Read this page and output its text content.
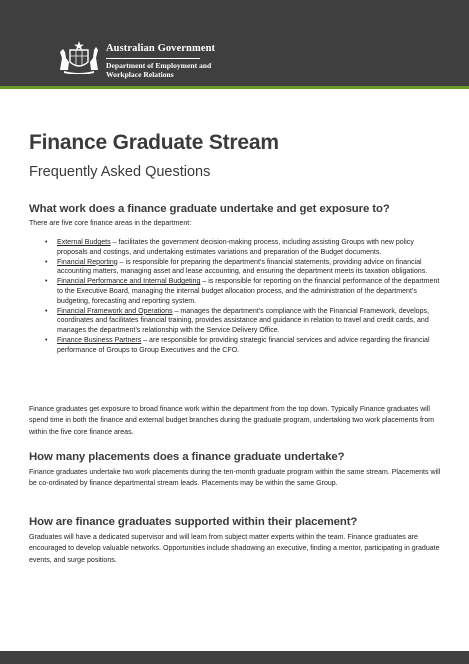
Australian Government
Department of Employment and Workplace Relations
Finance Graduate Stream
Frequently Asked Questions
What work does a finance graduate undertake and get exposure to?
There are five core finance areas in the department:
• External Budgets – facilitates the government decision-making process, including assisting Groups with new policy proposals and costings, and undertaking estimates variations and preparation of the Budget documents.
• Financial Reporting – is responsible for preparing the department’s financial statements, providing advice on financial accounting matters, managing asset and lease accounting, and ensuring the department meets its taxation obligations.
• Financial Performance and Internal Budgeting – is responsible for reporting on the financial performance of the department to the Executive Board, managing the internal budget allocation process, and the administration of the department’s budgeting, forecasting and reporting system.
• Financial Framework and Operations – manages the department’s compliance with the Financial Framework, develops, coordinates and facilitates financial training, provides assistance and guidance in relation to travel and credit cards, and manages the department’s relationship with the Service Delivery Office.
• Finance Business Partners – are responsible for providing strategic financial services and advice regarding the financial performance of Groups to Group Executives and the CFO.
Finance graduates get exposure to broad finance work within the department from the top down. Typically Finance graduates will spend time in both the finance and external budget branches during the graduate program, undertaking two work placements from within the five core finance areas.
How many placements does a finance graduate undertake?
Finance graduates undertake two work placements during the ten-month graduate program within the same stream. Placements will be co-ordinated by finance departmental stream leads. Placements may be within the same Group.
How are finance graduates supported within their placement?
Graduates will have a dedicated supervisor and will learn from subject matter experts within the team. Finance graduates are encouraged to develop valuable networks. Opportunities include shadowing an executive, finding a mentor, participating in graduate events, and surge positions.
